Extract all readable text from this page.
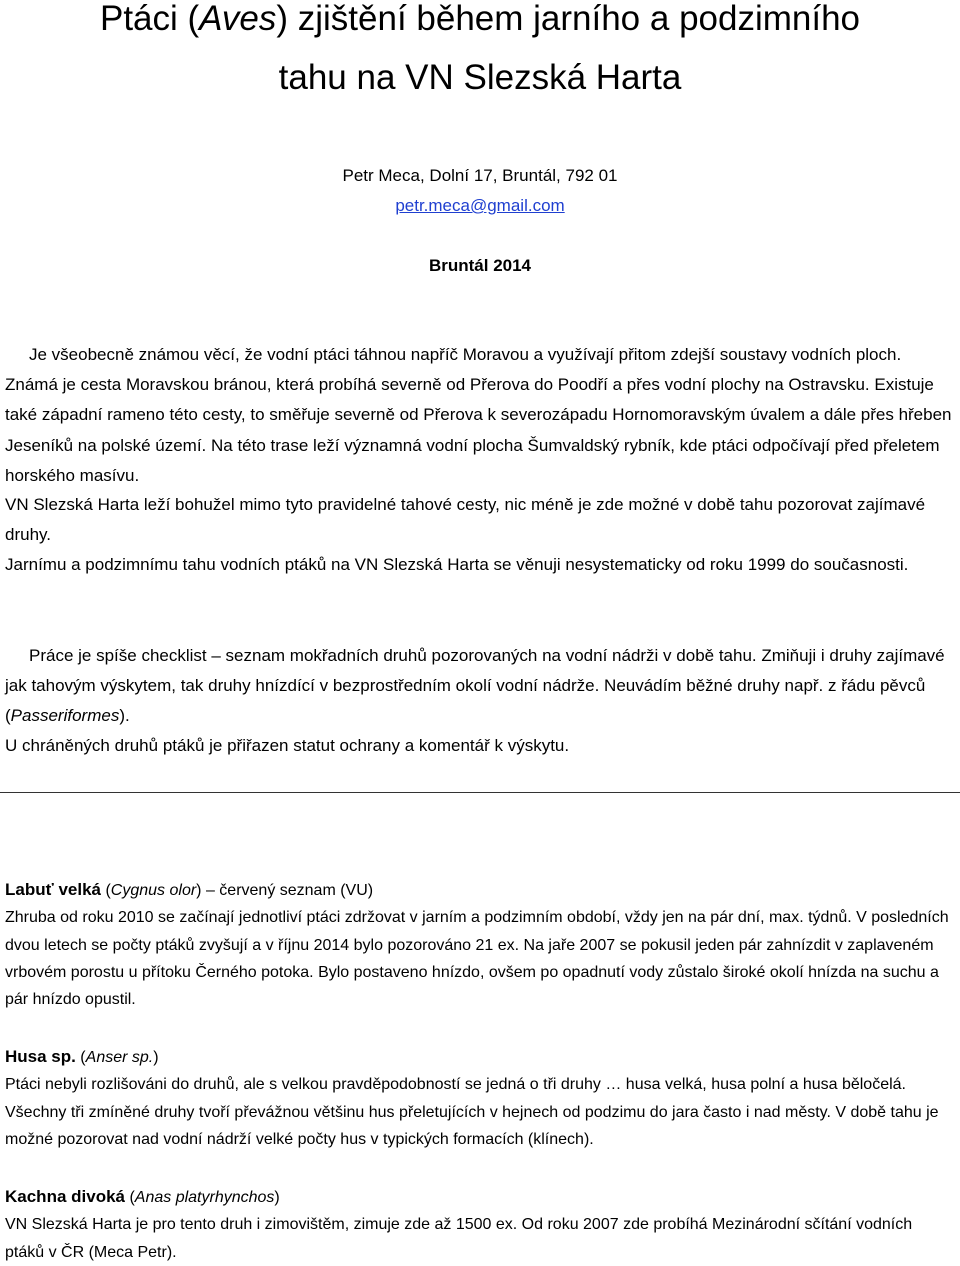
Ptáci (Aves) zjištění během jarního a podzimního
tahu na VN Slezská Harta
Petr Meca, Dolní 17, Bruntál, 792 01
petr.meca@gmail.com
Bruntál 2014

Je všeobecně známou věcí, že vodní ptáci táhnou napříč Moravou a využívají přitom zdejší soustavy vodních ploch. Známá je cesta Moravskou bránou, která probíhá severně od Přerova do Poodří a přes vodní plochy na Ostravsku. Existuje také západní rameno této cesty, to směřuje severně od Přerova k severozápadu Hornomoravským úvalem a dále přes hřeben Jeseníků na polské území. Na této trase leží významná vodní plocha Šumvaldský rybník, kde ptáci odpočívají před přeletem horského masívu.

VN Slezská Harta leží bohužel mimo tyto pravidelné tahové cesty, nic méně je zde možné v době tahu pozorovat zajímavé druhy.

Jarnímu a podzimnímu tahu vodních ptáků na VN Slezská Harta se věnuji nesystematicky od roku 1999 do současnosti.

Práce je spíše checklist – seznam mokřadních druhů pozorovaných na vodní nádrži v době tahu. Zmiňuji i druhy zajímavé jak tahovým výskytem, tak druhy hnízdící v bezprostředním okolí vodní nádrže. Neuvádím běžné druhy např. z řádu pěvců (Passeriformes).

U chráněných druhů ptáků je přiřazen statut ochrany a komentář k výskytu.

Labuť velká (Cygnus olor) – červený seznam (VU)
Zhruba od roku 2010 se začínají jednotliví ptáci zdržovat v jarním a podzimním období, vždy jen na pár dní, max. týdnů. V posledních dvou letech se počty ptáků zvyšují a v říjnu 2014 bylo pozorováno 21 ex. Na jaře 2007 se pokusil jeden pár zahnízdit v zaplaveném vrbovém porostu u přítoku Černého potoka. Bylo postaveno hnízdo, ovšem po opadnutí vody zůstalo široké okolí hnízda na suchu a pár hnízdo opustil.
Husa sp. (Anser sp.)
Ptáci nebyli rozlišováni do druhů, ale s velkou pravděpodobností se jedná o tři druhy … husa velká, husa polní a husa běločelá. Všechny tři zmíněné druhy tvoří převážnou většinu hus přeletujících v hejnech od podzimu do jara často i nad městy. V době tahu je možné pozorovat nad vodní nádrží velké počty hus v typických formacích (klínech).
Kachna divoká (Anas platyrhynchos)
VN Slezská Harta je pro tento druh i zimovištěm, zimuje zde až 1500 ex. Od roku 2007 zde probíhá Mezinárodní sčítání vodních ptáků v ČR (Meca Petr).
